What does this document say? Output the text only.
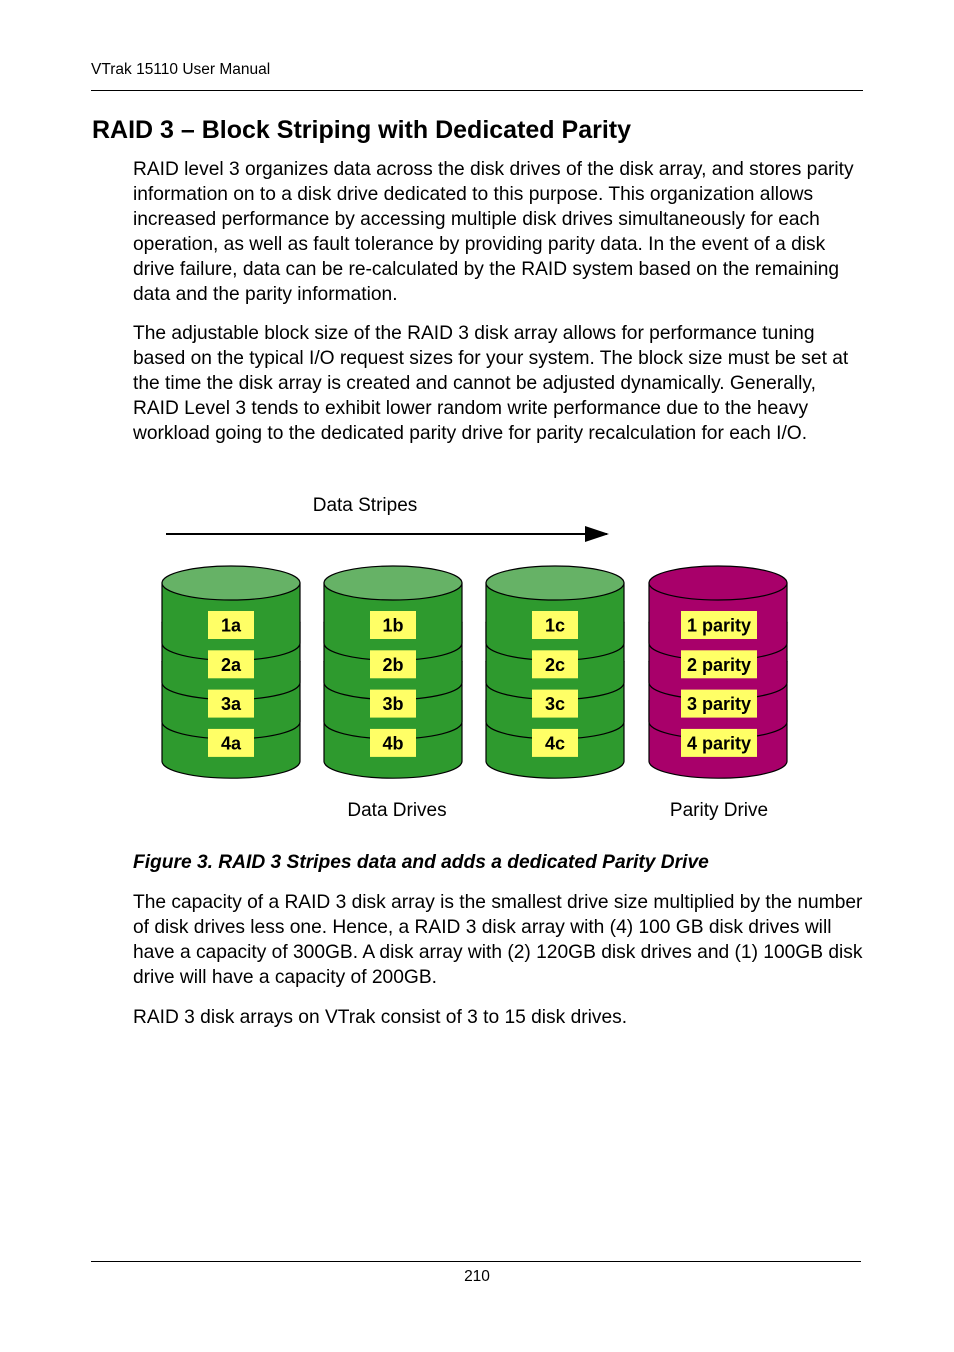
VTrak 15110 User Manual
RAID 3 – Block Striping with Dedicated Parity

RAID level 3 organizes data across the disk drives of the disk array, and stores parity information on to a disk drive dedicated to this purpose. This organization allows increased performance by accessing multiple disk drives simultaneously for each operation, as well as fault tolerance by providing parity data. In the event of a disk drive failure, data can be re-calculated by the RAID system based on the remaining data and the parity information.

The adjustable block size of the RAID 3 disk array allows for performance tuning based on the typical I/O request sizes for your system. The block size must be set at the time the disk array is created and cannot be adjusted dynamically. Generally, RAID Level 3 tends to exhibit lower random write performance due to the heavy workload going to the dedicated parity drive for parity recalculation for each I/O.

Data Stripes
1a
2a
3a
4a
1b
2b
3b
4b
1c
2c
3c
4c
1 parity
2 parity
3 parity
4 parity
Data Drives	Parity Drive

Figure 3. RAID 3 Stripes data and adds a dedicated Parity Drive

The capacity of a RAID 3 disk array is the smallest drive size multiplied by the number of disk drives less one. Hence, a RAID 3 disk array with (4) 100 GB disk drives will have a capacity of 300GB. A disk array with (2) 120GB disk drives and (1) 100GB disk drive will have a capacity of 200GB.

RAID 3 disk arrays on VTrak consist of 3 to 15 disk drives.

210
